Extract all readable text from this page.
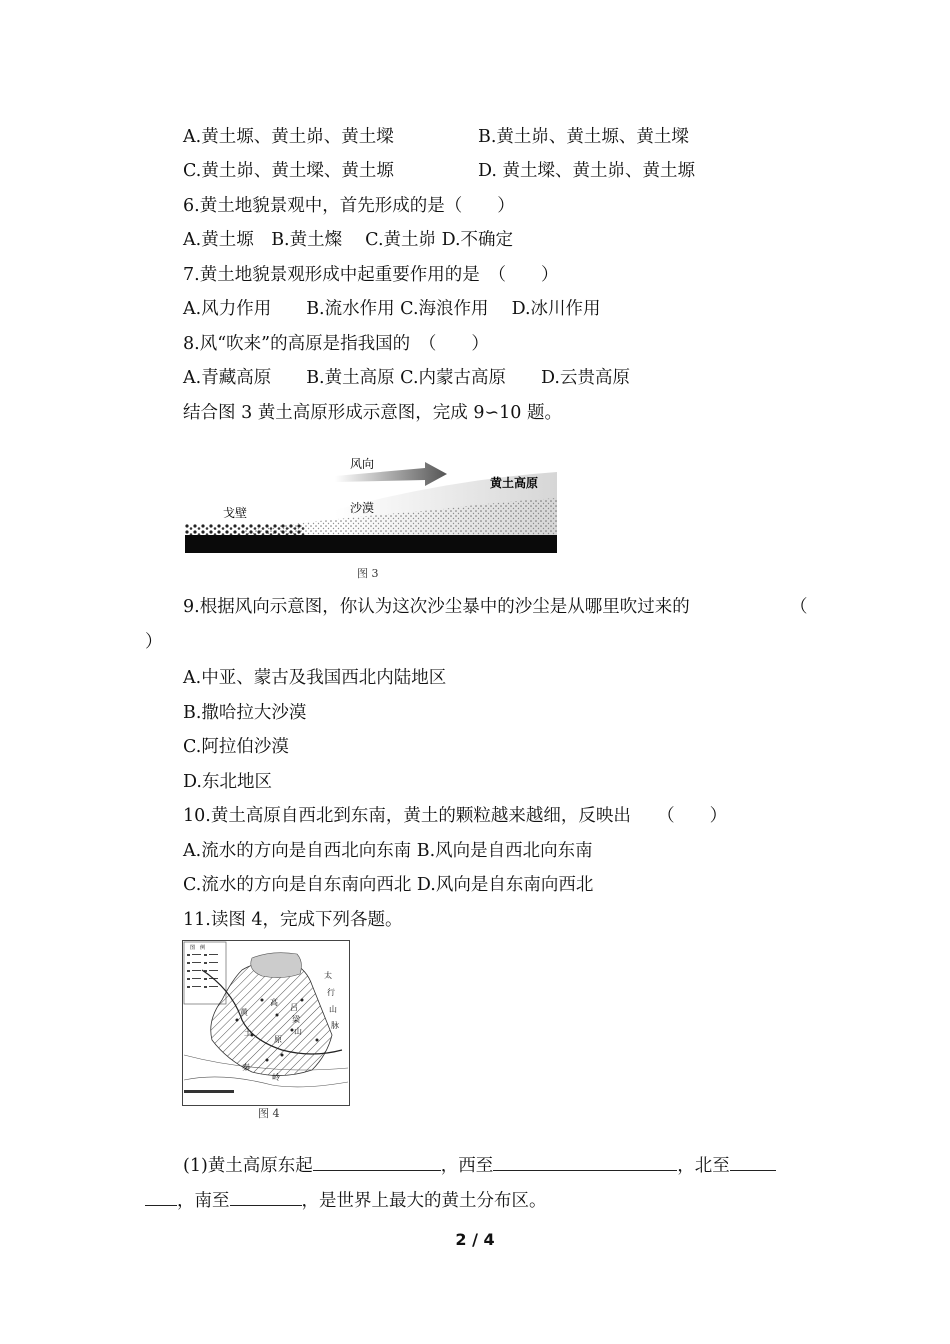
A.黄土塬、黄土峁、黄土墚	B.黄土峁、黄土塬、黄土墚
C.黄土峁、黄土墚、黄土塬	D. 黄土墚、黄土峁、黄土塬
6.黄土地貌景观中，首先形成的是（　　）
A.黄土塬　B.黄土燦　 C.黄土峁 D.不确定
7.黄土地貌景观形成中起重要作用的是　（　　）
A.风力作用　　B.流水作用 C.海浪作用　 D.冰川作用
8.风“吹来”的高原是指我国的　（　　）
A.青藏高原　　B.黄土高原 C.内蒙古高原　　D.云贵高原
结合图 3 黄土高原形成示意图，完成 9∽10 题。
风向
黄土高原
戈壁	沙漠
图 3
9.根据风向示意图，你认为这次沙尘暴中的沙尘是从哪里吹过来的	（
）
A.中亚、蒙古及我国西北内陆地区
B.撒哈拉大沙漠
C.阿拉伯沙漠
D.东北地区
10.黄土高原自西北到东南，黄土的颗粒越来越细，反映出　　（　　）
A.流水的方向是自西北向东南 B.风向是自西北向东南
C.流水的方向是自东南向西北 D.风向是自东南向西北
11.读图 4，完成下列各题。
图　例
太
行
山
脉
吕
梁
山
黄
土
高
原
秦
岭
图 4
(1)黄土高原东起	，西至	，北至
，南至	，是世界上最大的黄土分布区。
2 / 4
